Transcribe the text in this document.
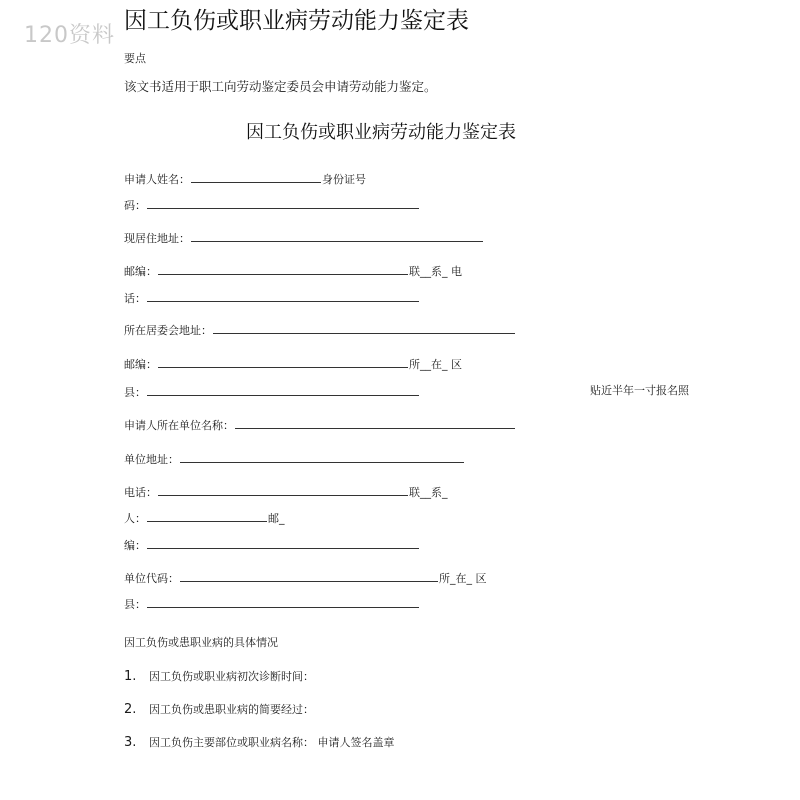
120资料
因工负伤或职业病劳动能力鉴定表
要点
该文书适用于职工向劳动鉴定委员会申请劳动能力鉴定。
因工负伤或职业病劳动能力鉴定表
申请人姓名：	身份证号
码：
现居住地址：
邮编：	联__系_ 电
话：
所在居委会地址：
邮编：	所__在_ 区
县：	贴近半年一寸报名照
申请人所在单位名称：
单位地址：
电话：	联__系_
人：	邮_
编：
单位代码：	所_在_ 区
县：
因工负伤或患职业病的具体情况
1. 因工负伤或职业病初次诊断时间：
2. 因工负伤或患职业病的简要经过：
3. 因工负伤主要部位或职业病名称： 申请人签名盖章
